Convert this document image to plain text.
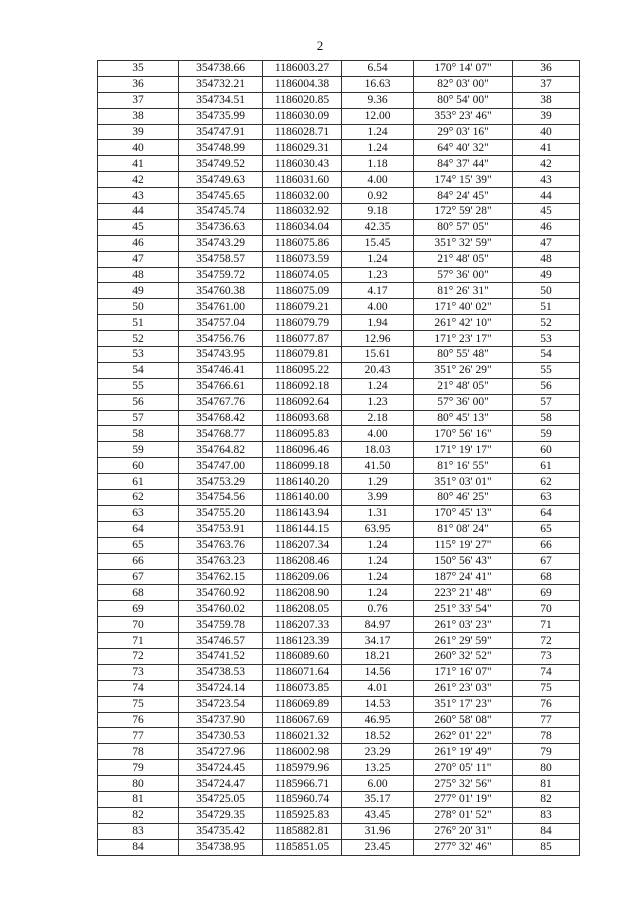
2
35	354738.66	1186003.27	6.54	170° 14' 07"	36
36	354732.21	1186004.38	16.63	82° 03' 00"	37
37	354734.51	1186020.85	9.36	80° 54' 00"	38
38	354735.99	1186030.09	12.00	353° 23' 46"	39
39	354747.91	1186028.71	1.24	29° 03' 16"	40
40	354748.99	1186029.31	1.24	64° 40' 32"	41
41	354749.52	1186030.43	1.18	84° 37' 44"	42
42	354749.63	1186031.60	4.00	174° 15' 39"	43
43	354745.65	1186032.00	0.92	84° 24' 45"	44
44	354745.74	1186032.92	9.18	172° 59' 28"	45
45	354736.63	1186034.04	42.35	80° 57' 05"	46
46	354743.29	1186075.86	15.45	351° 32' 59"	47
47	354758.57	1186073.59	1.24	21° 48' 05"	48
48	354759.72	1186074.05	1.23	57° 36' 00"	49
49	354760.38	1186075.09	4.17	81° 26' 31"	50
50	354761.00	1186079.21	4.00	171° 40' 02"	51
51	354757.04	1186079.79	1.94	261° 42' 10"	52
52	354756.76	1186077.87	12.96	171° 23' 17"	53
53	354743.95	1186079.81	15.61	80° 55' 48"	54
54	354746.41	1186095.22	20.43	351° 26' 29"	55
55	354766.61	1186092.18	1.24	21° 48' 05"	56
56	354767.76	1186092.64	1.23	57° 36' 00"	57
57	354768.42	1186093.68	2.18	80° 45' 13"	58
58	354768.77	1186095.83	4.00	170° 56' 16"	59
59	354764.82	1186096.46	18.03	171° 19' 17"	60
60	354747.00	1186099.18	41.50	81° 16' 55"	61
61	354753.29	1186140.20	1.29	351° 03' 01"	62
62	354754.56	1186140.00	3.99	80° 46' 25"	63
63	354755.20	1186143.94	1.31	170° 45' 13"	64
64	354753.91	1186144.15	63.95	81° 08' 24"	65
65	354763.76	1186207.34	1.24	115° 19' 27"	66
66	354763.23	1186208.46	1.24	150° 56' 43"	67
67	354762.15	1186209.06	1.24	187° 24' 41"	68
68	354760.92	1186208.90	1.24	223° 21' 48"	69
69	354760.02	1186208.05	0.76	251° 33' 54"	70
70	354759.78	1186207.33	84.97	261° 03' 23"	71
71	354746.57	1186123.39	34.17	261° 29' 59"	72
72	354741.52	1186089.60	18.21	260° 32' 52"	73
73	354738.53	1186071.64	14.56	171° 16' 07"	74
74	354724.14	1186073.85	4.01	261° 23' 03"	75
75	354723.54	1186069.89	14.53	351° 17' 23"	76
76	354737.90	1186067.69	46.95	260° 58' 08"	77
77	354730.53	1186021.32	18.52	262° 01' 22"	78
78	354727.96	1186002.98	23.29	261° 19' 49"	79
79	354724.45	1185979.96	13.25	270° 05' 11"	80
80	354724.47	1185966.71	6.00	275° 32' 56"	81
81	354725.05	1185960.74	35.17	277° 01' 19"	82
82	354729.35	1185925.83	43.45	278° 01' 52"	83
83	354735.42	1185882.81	31.96	276° 20' 31"	84
84	354738.95	1185851.05	23.45	277° 32' 46"	85
